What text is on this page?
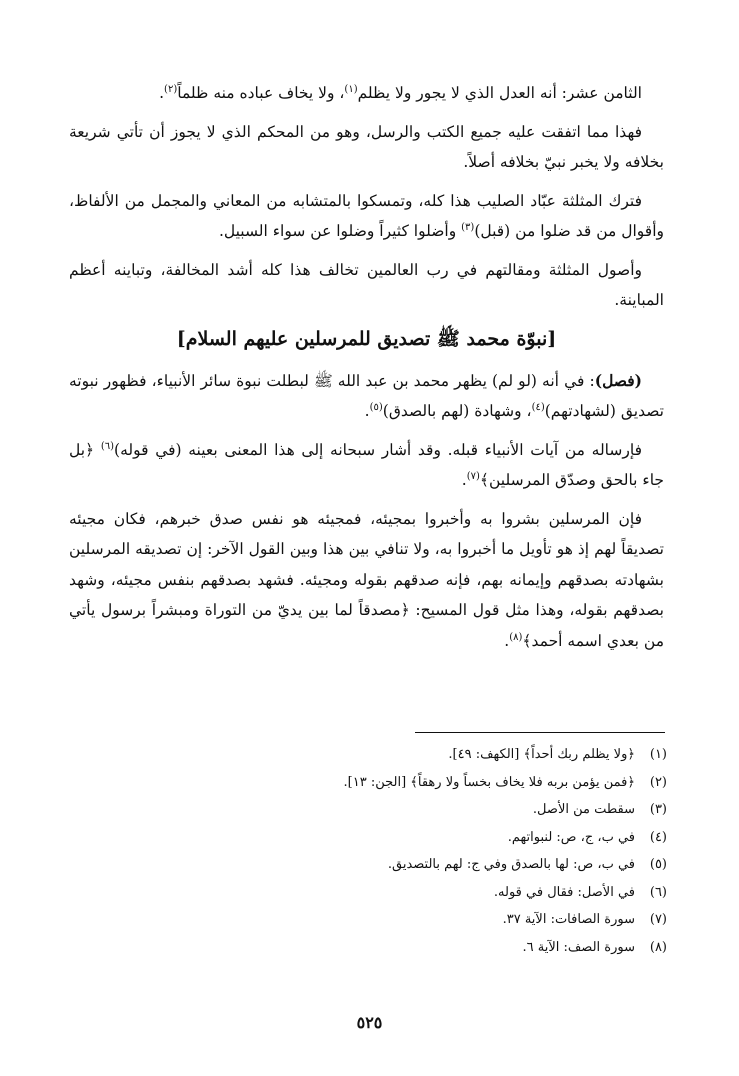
الثامن عشر: أنه العدل الذي لا يجور ولا يظلم$^{(١)}$، ولا يخاف عباده منه ظلماً$^{(٢)}$.

فهذا مما اتفقت عليه جميع الكتب والرسل، وهو من المحكم الذي لا يجوز أن تأتي شريعة بخلافه ولا يخبر نبيّ بخلافه أصلاً.

فترك المثلثة عبّاد الصليب هذا كله، وتمسكوا بالمتشابه من المعاني والمجمل من الألفاظ، وأقوال من قد ضلوا من (قبل)$^{(٣)}$ وأضلوا كثيراً وضلوا عن سواء السبيل.

وأصول المثلثة ومقالتهم في رب العالمين تخالف هذا كله أشد المخالفة، وتباينه أعظم المباينة.

[نبوّة محمد ﷺ تصديق للمرسلين عليهم السلام]

(فصل): في أنه (لو لم) يظهر محمد بن عبد الله ﷺ لبطلت نبوة سائر الأنبياء، فظهور نبوته تصديق (لشهادتهم)$^{(٤)}$، وشهادة (لهم بالصدق)$^{(٥)}$.

فإرساله من آيات الأنبياء قبله. وقد أشار سبحانه إلى هذا المعنى بعينه (في قوله)$^{(٦)}$ ﴿بل جاء بالحق وصدّق المرسلين﴾$^{(٧)}$.

فإن المرسلين بشروا به وأخبروا بمجيئه، فمجيئه هو نفس صدق خبرهم، فكان مجيئه تصديقاً لهم إذ هو تأويل ما أخبروا به، ولا تنافي بين هذا وبين القول الآخر: إن تصديقه المرسلين بشهادته بصدقهم وإيمانه بهم، فإنه صدقهم بقوله ومجيئه. فشهد بصدقهم بنفس مجيئه، وشهد بصدقهم بقوله، وهذا مثل قول المسيح: ﴿مصدقاً لما بين يديّ من التوراة ومبشراً برسول يأتي من بعدي اسمه أحمد﴾$^{(٨)}$.

(١)
﴿ولا يظلم ربك أحداً﴾ [الكهف: ٤٩].
(٢)
﴿فمن يؤمن بربه فلا يخاف بخساً ولا رهقاً﴾ [الجن: ١٣].
(٣)
سقطت من الأصل.
(٤)
في ب، ج، ص: لنبواتهم.
(٥)
في ب، ص: لها بالصدق وفي ج: لهم بالتصديق.
(٦)
في الأصل: فقال في قوله.
(٧)
سورة الصافات: الآية ٣٧.
(٨)
سورة الصف: الآية ٦.
٥٢٥
